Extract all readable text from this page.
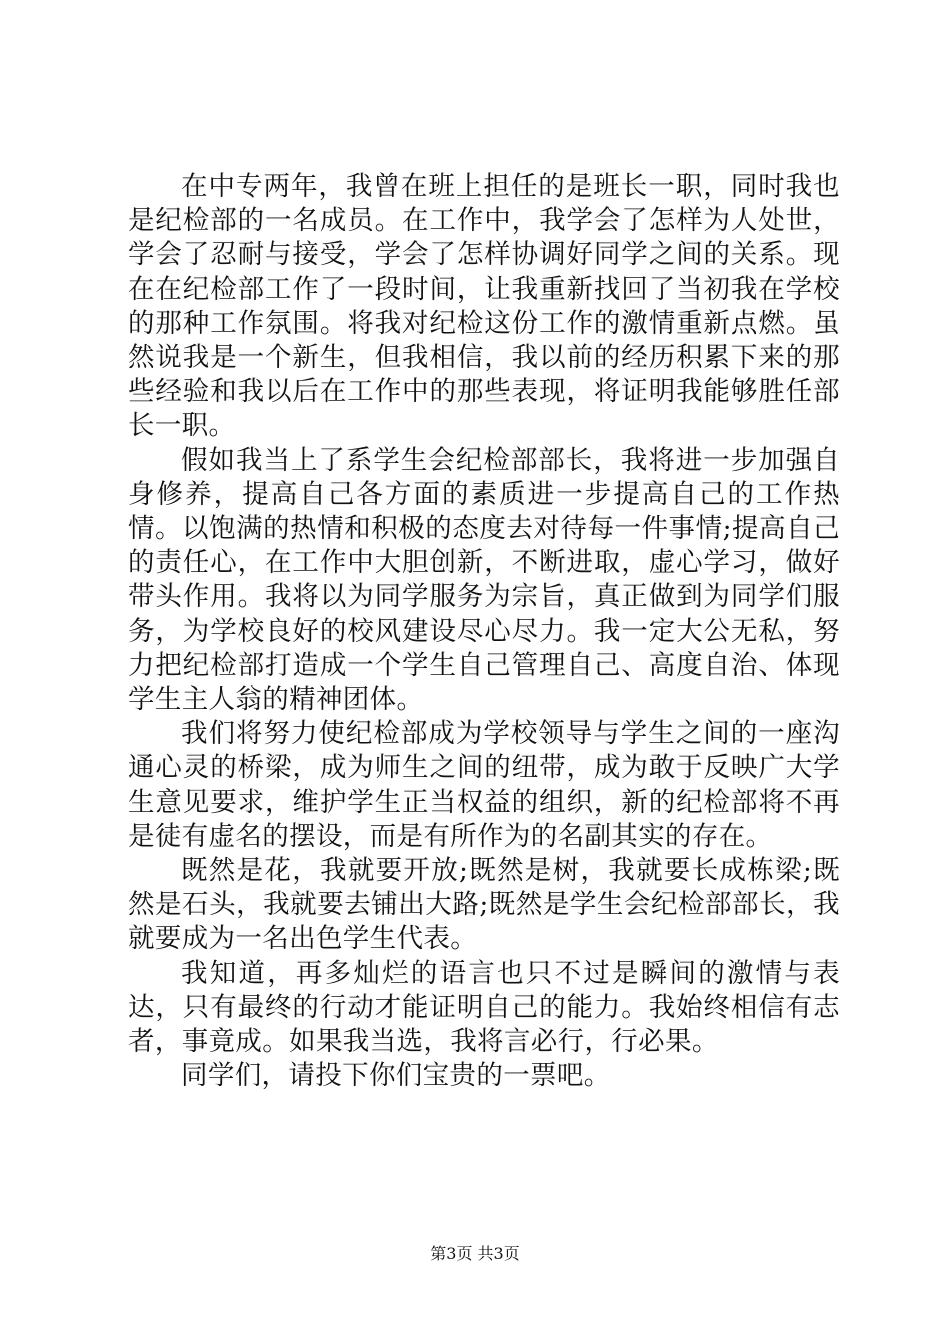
在中专两年，我曾在班上担任的是班长一职，同时我也是纪检部的一名成员。在工作中，我学会了怎样为人处世，学会了忍耐与接受，学会了怎样协调好同学之间的关系。现在在纪检部工作了一段时间，让我重新找回了当初我在学校的那种工作氛围。将我对纪检这份工作的激情重新点燃。虽然说我是一个新生，但我相信，我以前的经历积累下来的那些经验和我以后在工作中的那些表现，将证明我能够胜任部长一职。

假如我当上了系学生会纪检部部长，我将进一步加强自身修养，提高自己各方面的素质进一步提高自己的工作热情。以饱满的热情和积极的态度去对待每一件事情;提高自己的责任心，在工作中大胆创新，不断进取，虚心学习，做好带头作用。我将以为同学服务为宗旨，真正做到为同学们服务，为学校良好的校风建设尽心尽力。我一定大公无私，努力把纪检部打造成一个学生自己管理自己、高度自治、体现学生主人翁的精神团体。

我们将努力使纪检部成为学校领导与学生之间的一座沟通心灵的桥梁，成为师生之间的纽带，成为敢于反映广大学生意见要求，维护学生正当权益的组织，新的纪检部将不再是徒有虚名的摆设，而是有所作为的名副其实的存在。

既然是花，我就要开放;既然是树，我就要长成栋梁;既然是石头，我就要去铺出大路;既然是学生会纪检部部长，我就要成为一名出色学生代表。

我知道，再多灿烂的语言也只不过是瞬间的激情与表达，只有最终的行动才能证明自己的能力。我始终相信有志者，事竟成。如果我当选，我将言必行，行必果。

同学们，请投下你们宝贵的一票吧。

第3页 共3页
